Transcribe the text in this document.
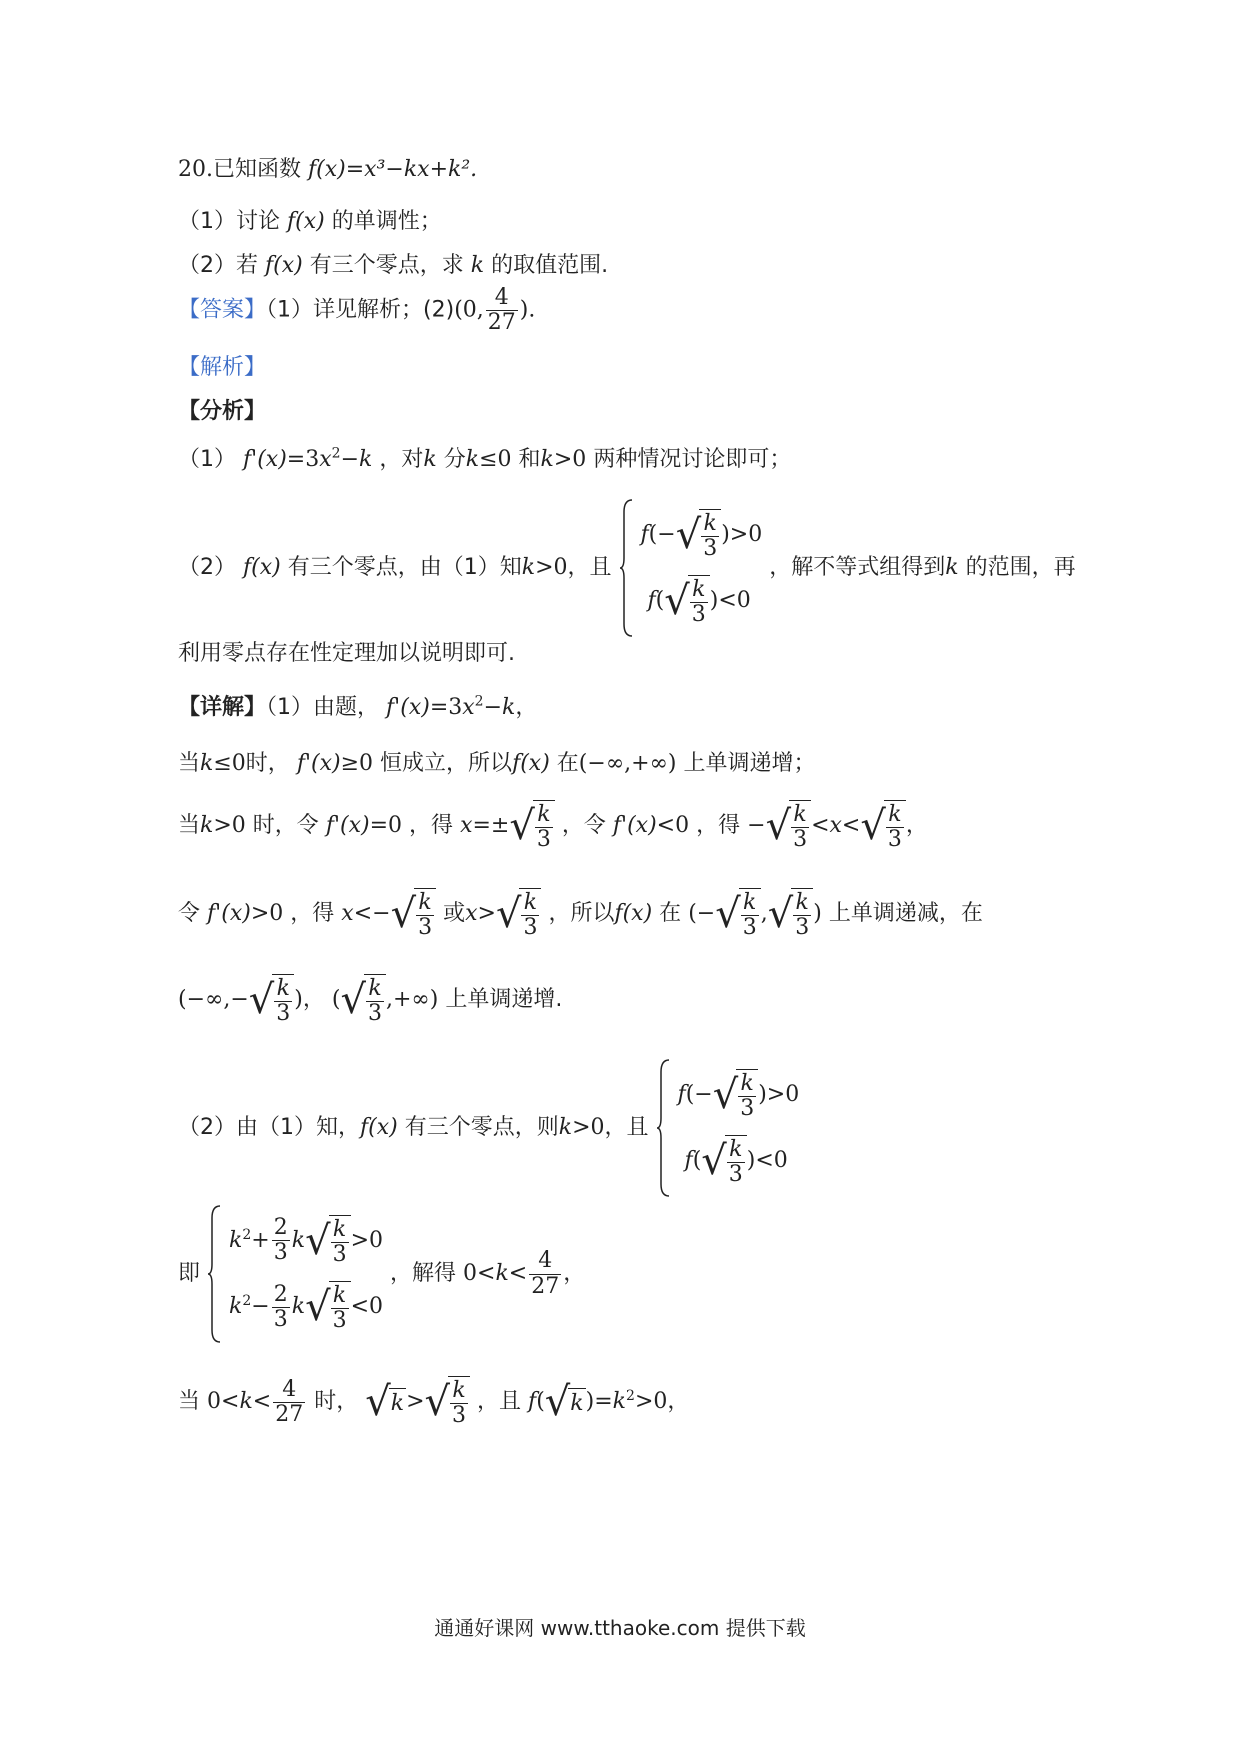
20.已知函数 f(x)=x³−kx+k².
（1）讨论 f(x) 的单调性；
（2）若 f(x) 有三个零点，求 k 的取值范围.
【答案】（1）详见解析；(2)(0, $\frac{4}{27}$ ).
【解析】
【分析】
（1） $f'(x)=3x^2-k$ ，对k 分k≤0 和k>0 两种情况讨论即可；
（2） f(x) 有三个零点，由（1）知k>0，且
f(− √ $\frac{k}{3} )>0$
f( √ $\frac{k}{3} )<0$
，解不等式组得到k 的范围，再
利用零点存在性定理加以说明即可.
【详解】（1）由题， $f'(x)=3x^2-k$，
当k≤0时， f'(x)≥0 恒成立，所以f(x) 在(−∞,+∞) 上单调递增；
当k>0 时，令 f'(x)=0 ，得 x=± √ $\frac{k}{3}$ ，令 f'(x)<0 ，得 − √ $\frac{k}{3} <x<$ √ $\frac{k}{3}$ ，
令 f'(x)>0 ，得 x<− √ $\frac{k}{3}$ 或x> √ $\frac{k}{3}$ ，所以f(x) 在 (− √ $\frac{k}{3}$ , √ $\frac{k}{3}$ ) 上单调递减，在
(−∞,− √ $\frac{k}{3}$ )， ( √ $\frac{k}{3}$ ,+∞) 上单调递增.
（2）由（1）知，f(x) 有三个零点，则k>0，且
f(− √ $\frac{k}{3} )>0$
f( √ $\frac{k}{3} )<0$
即
$k^2+ \frac{2}{3}$ k √ $\frac{k}{3} >0$
$k^2- \frac{2}{3}$ k √ $\frac{k}{3} <0$
，解得 $0<k< \frac{4}{27}$ ，
当 $0<k< \frac{4}{27}$ 时， √ k > √ $\frac{k}{3}$ ，且 f( √ k )$=k^2>0$，
通通好课网 www.tthaoke.com 提供下载
